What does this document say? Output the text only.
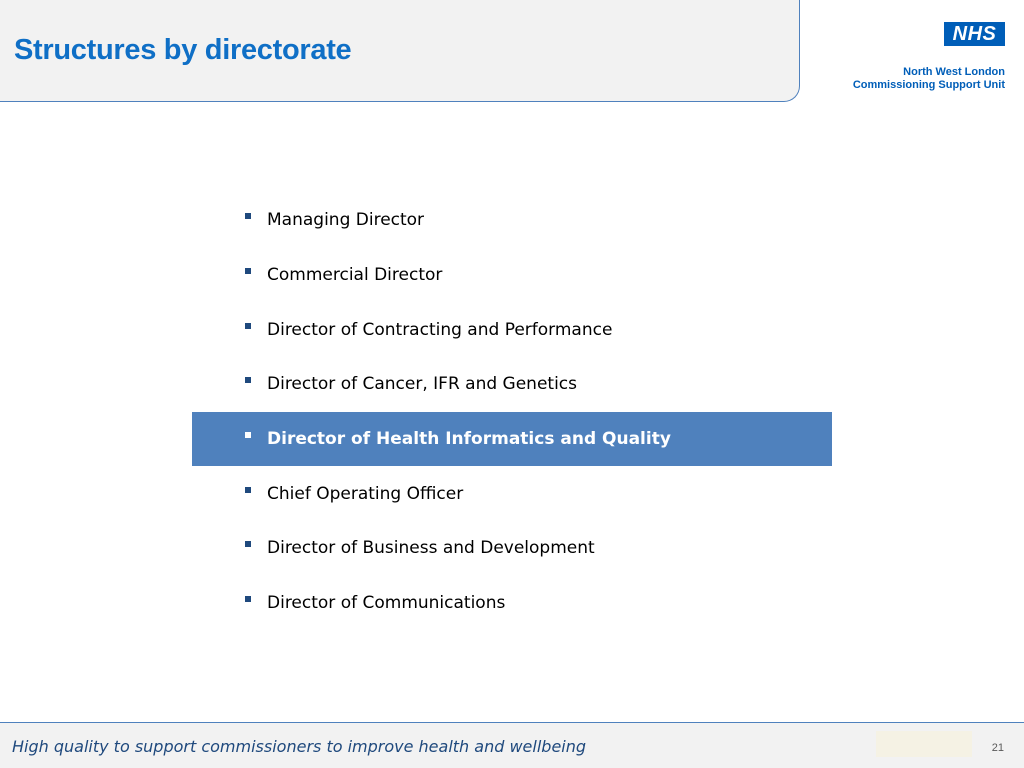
Structures by directorate	NHS
North West London
Commissioning Support Unit
Managing Director
Commercial Director
Director of Contracting and Performance
Director of Cancer, IFR and Genetics
Director of Health Informatics and Quality
Chief Operating Officer
Director of Business and Development
Director of Communications
High quality to support commissioners to improve health and wellbeing	21
